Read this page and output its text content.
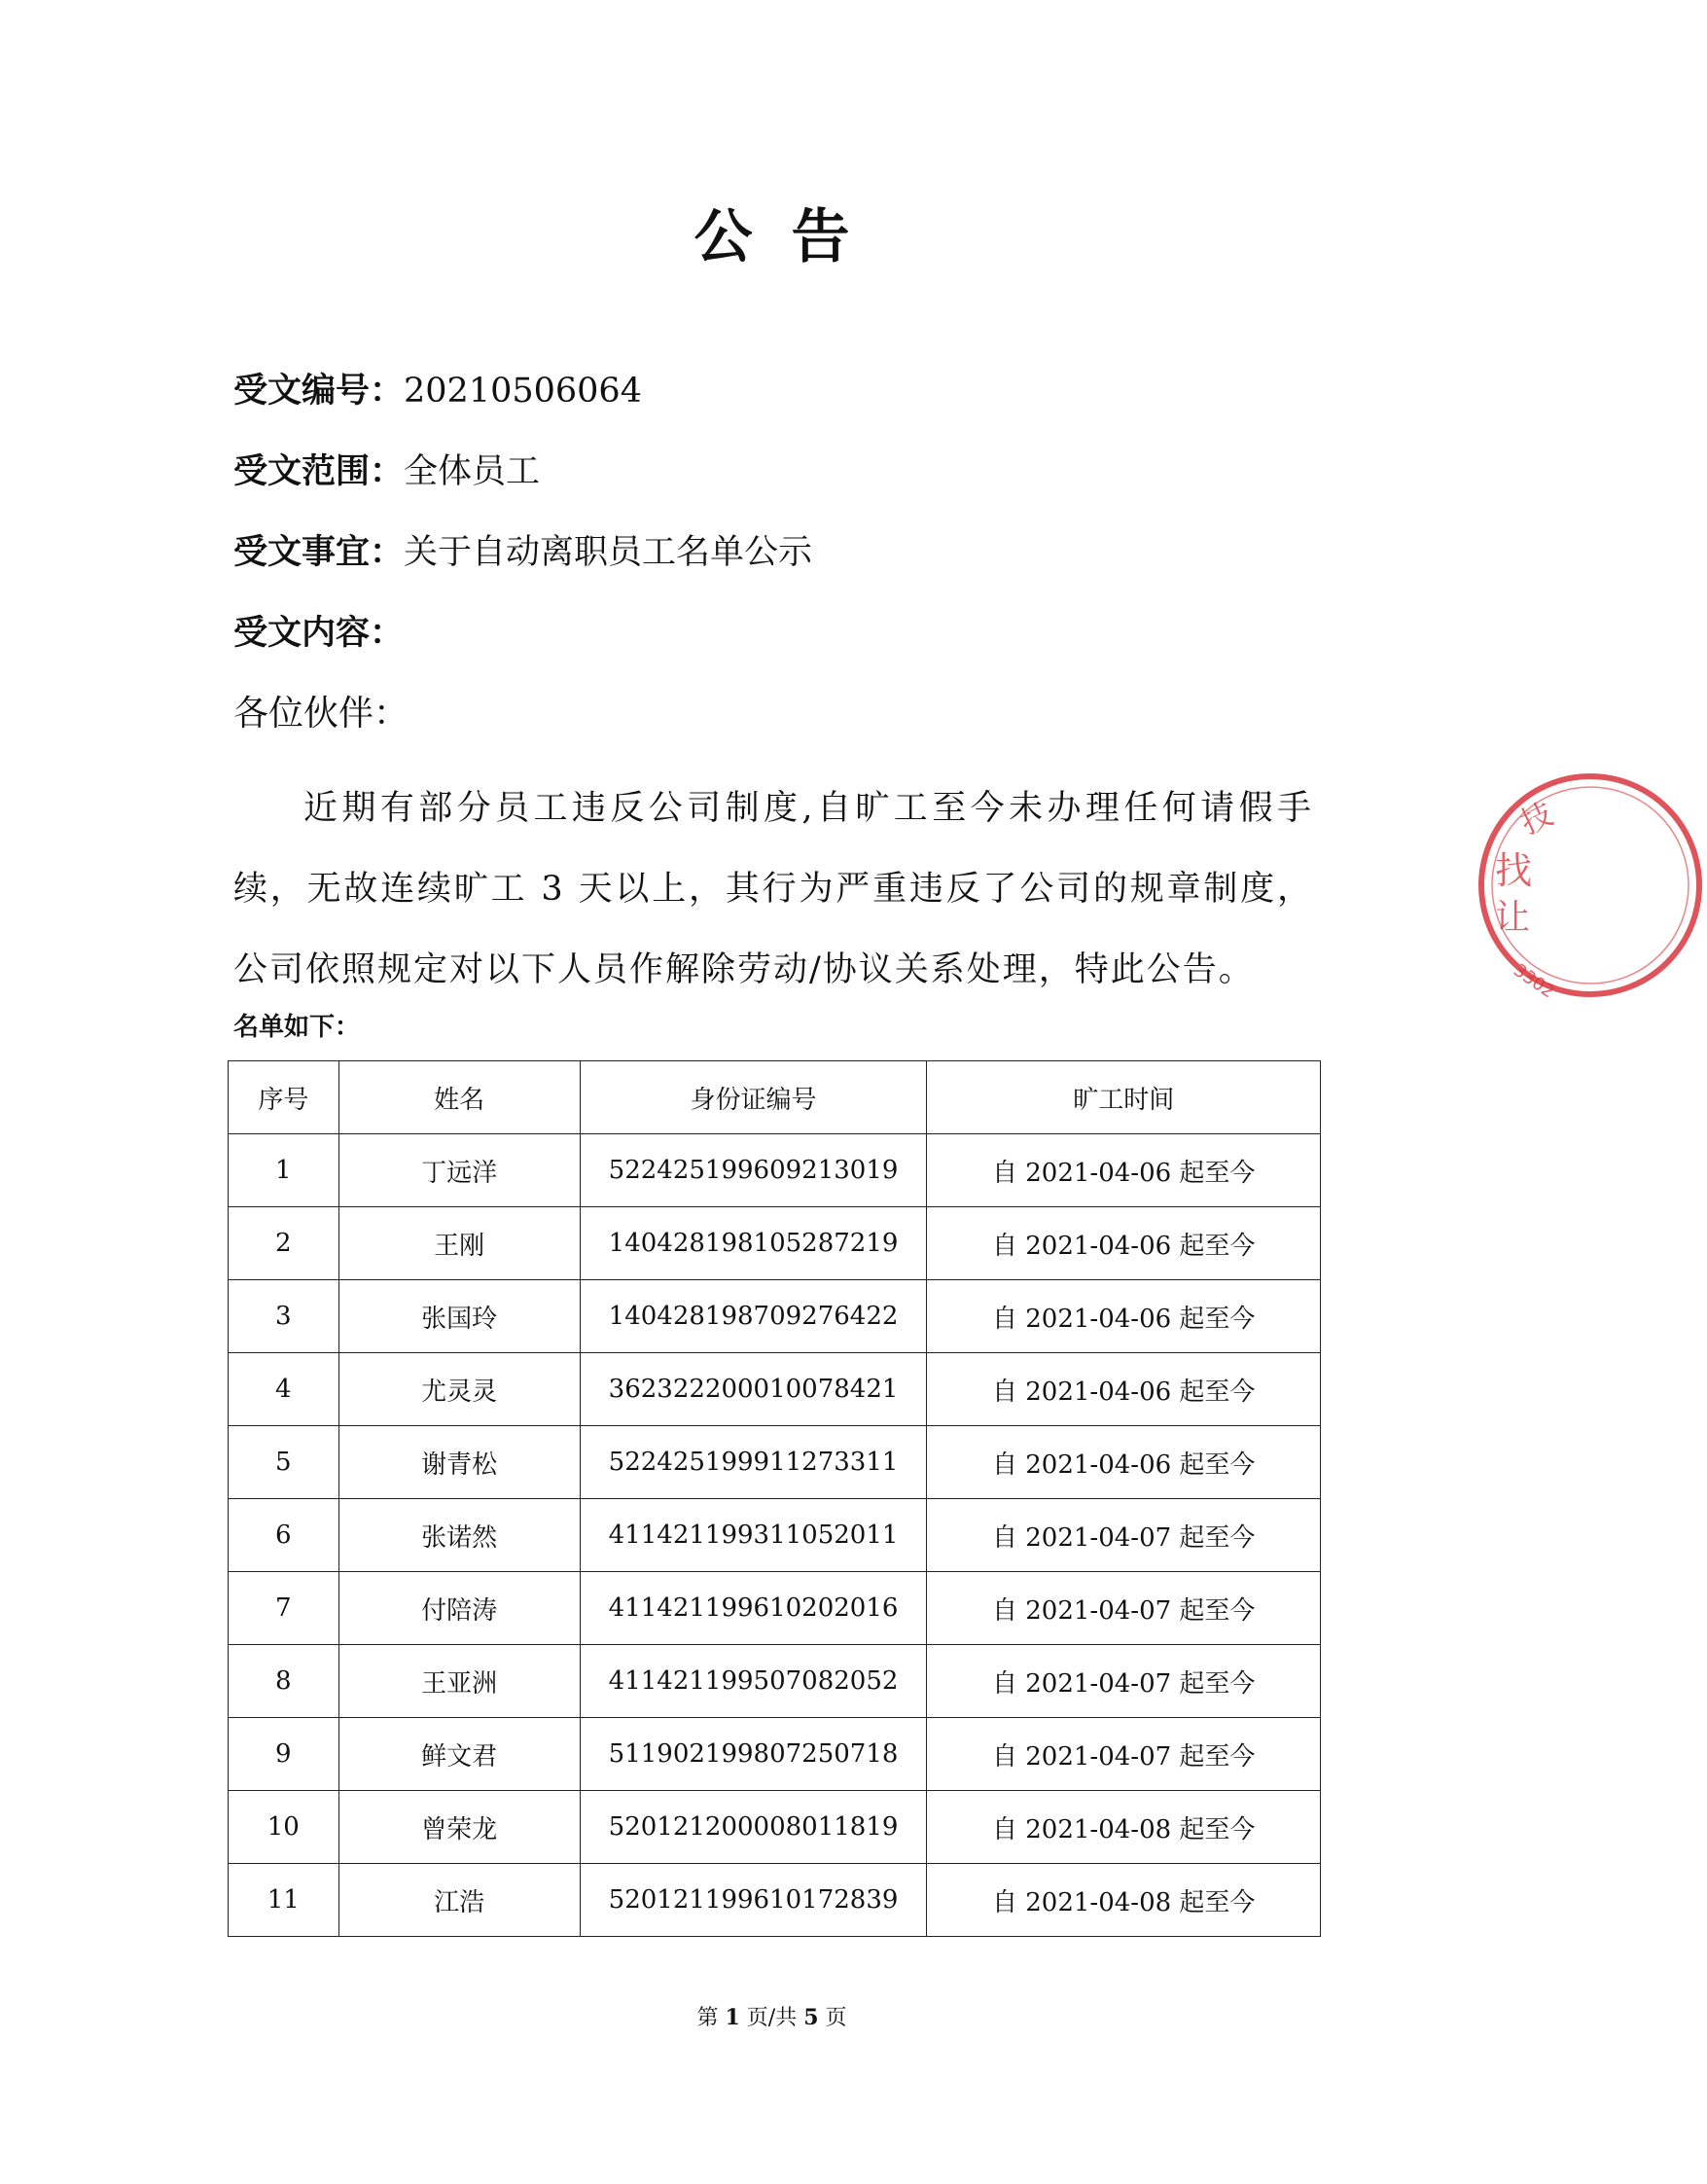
公告
受文编号：20210506064
受文范围：全体员工
受文事宜：关于自动离职员工名单公示
受文内容：
各位伙伴：
近期有部分员工违反公司制度,自旷工至今未办理任何请假手续，无故连续旷工 3 天以上，其行为严重违反了公司的规章制度，公司依照规定对以下人员作解除劳动/协议关系处理，特此公告。
名单如下：
序号	姓名	身份证编号	旷工时间
1	丁远洋	522425199609213019	自 2021-04-06 起至今
2	王刚	140428198105287219	自 2021-04-06 起至今
3	张国玲	140428198709276422	自 2021-04-06 起至今
4	尤灵灵	362322200010078421	自 2021-04-06 起至今
5	谢青松	522425199911273311	自 2021-04-06 起至今
6	张诺然	411421199311052011	自 2021-04-07 起至今
7	付陪涛	411421199610202016	自 2021-04-07 起至今
8	王亚洲	411421199507082052	自 2021-04-07 起至今
9	鲜文君	511902199807250718	自 2021-04-07 起至今
10	曾荣龙	520121200008011819	自 2021-04-08 起至今
11	江浩	520121199610172839	自 2021-04-08 起至今
第 1 页/共 5 页
技
找
让
3302
